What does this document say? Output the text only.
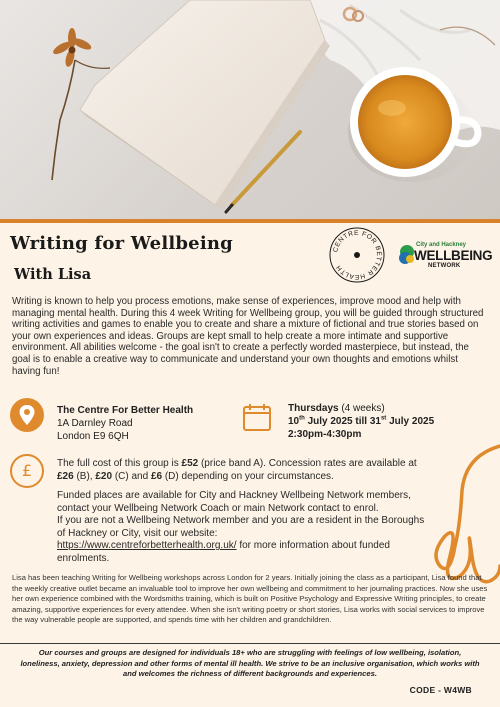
Writing for Wellbeing
With Lisa
CENTRE FOR BETTER HEALTH
City and Hackney
WELLBEING
NETWORK

Writing is known to help you process emotions, make sense of experiences, improve mood and help with managing mental health. During this 4 week Writing for Wellbeing group, you will be guided through structured writing activities and games to enable you to create and share a mixture of fictional and true stories based on your own experiences and ideas. Groups are kept small to help create a more intimate and supportive environment. All abilities welcome - the goal isn't to create a perfectly worded masterpiece, but instead, the goal is to enable a creative way to communicate and understand your own thoughts and emotions whilst having fun!

The Centre For Better Health
1A Darnley Road
London E9 6QH
Thursdays (4 weeks)
10th July 2025 till 31st July 2025
2:30pm-4:30pm
£	The full cost of this group is £52 (price band A). Concession rates are available at £26 (B), £20 (C) and £6 (D) depending on your circumstances.

Funded places are available for City and Hackney Wellbeing Network members, contact your Wellbeing Network Coach or main Network contact to enrol.

If you are not a Wellbeing Network member and you are a resident in the Boroughs of Hackney or City, visit our website:
https://www.centreforbetterhealth.org.uk/ for more information about funded enrolments.

Lisa has been teaching Writing for Wellbeing workshops across London for 2 years. Initially joining the class as a participant, Lisa found that the weekly creative outlet became an invaluable tool to improve her own wellbeing and commitment to her journaling practices. Now she uses her own experience combined with the Wordsmiths training, which is built on Positive Psychology and Expressive Writing principles, to create amazing, supportive experiences for every attendee. When she isn't writing poetry or short stories, Lisa works with social services to improve the way vulnerable people are supported, and spends time with her children and grandchildren.

Our courses and groups are designed for individuals 18+ who are struggling with feelings of low wellbeing, isolation, loneliness, anxiety, depression and other forms of mental ill health. We strive to be an inclusive organisation, which works with and welcomes the richness of different backgrounds and experiences.

CODE - W4WB
